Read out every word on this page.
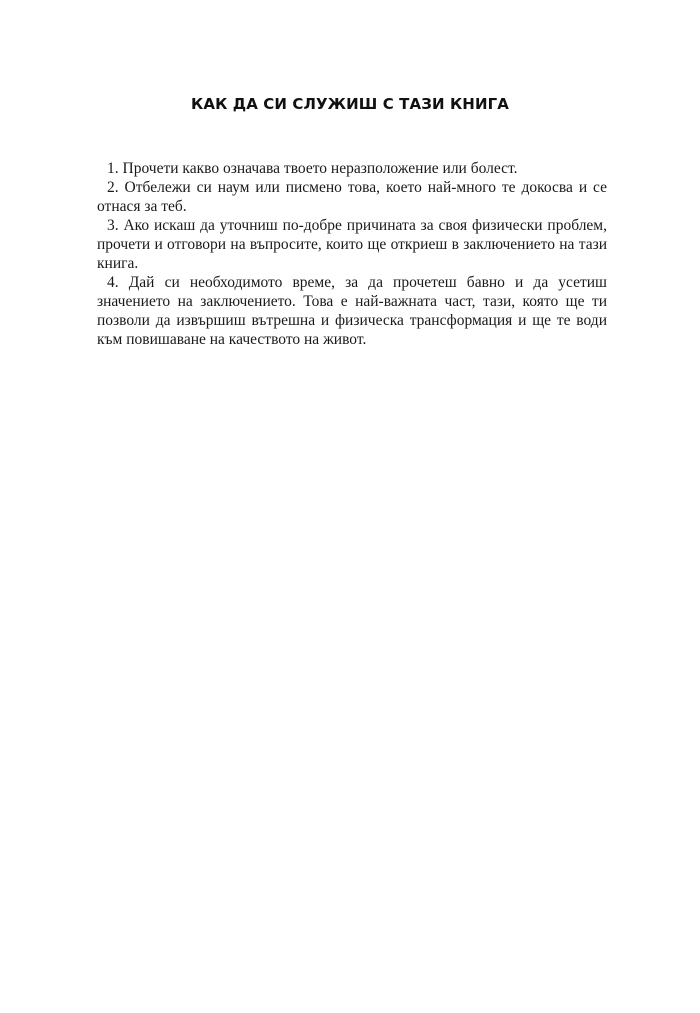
КАК ДА СИ СЛУЖИШ С ТАЗИ КНИГА

1. Прочети какво означава твоето неразположение или болест.

2. Отбележи си наум или писмено това, което най-много те докосва и се отнася за теб.

3. Ако искаш да уточниш по-добре причината за своя физически проблем, прочети и отговори на въпросите, които ще откриеш в заключението на тази книга.

4. Дай си необходимото време, за да прочетеш бавно и да усетиш значението на заключението. Това е най-важната част, тази, която ще ти позволи да извършиш вътрешна и физическа трансформация и ще те води към повишаване на качеството на живот.
